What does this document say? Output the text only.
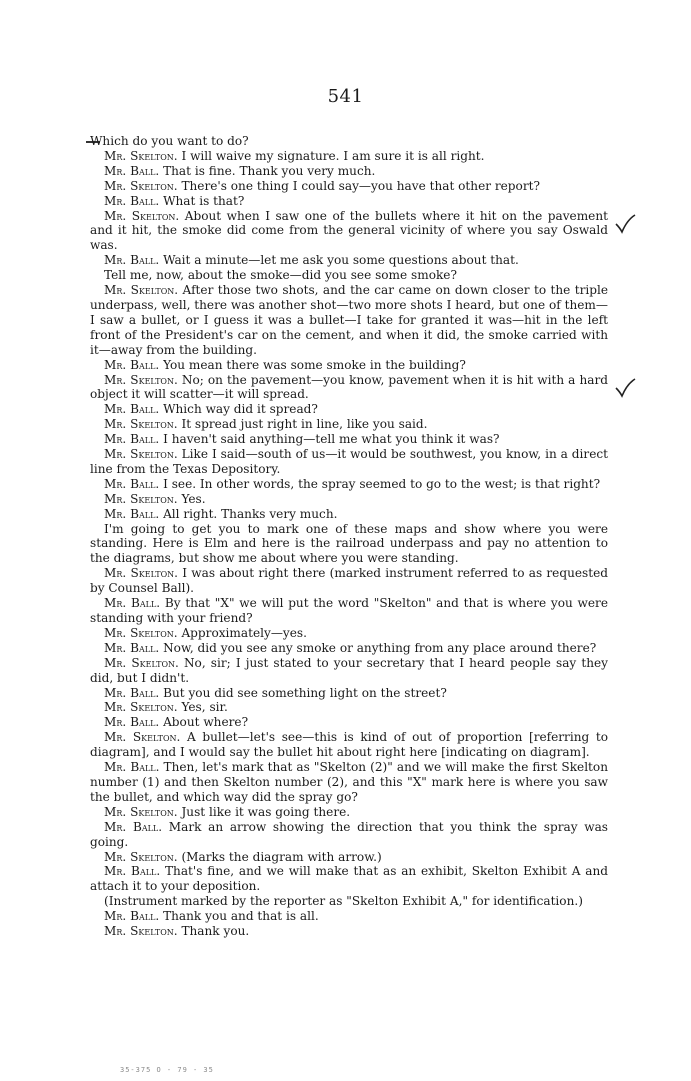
541

Which do you want to do?

Mr. Skelton. I will waive my signature. I am sure it is all right.

Mr. Ball. That is fine. Thank you very much.

Mr. Skelton. There's one thing I could say—you have that other report?

Mr. Ball. What is that?

Mr. Skelton. About when I saw one of the bullets where it hit on the pavement and it hit, the smoke did come from the general vicinity of where you say Oswald was.

Mr. Ball. Wait a minute—let me ask you some questions about that.

Tell me, now, about the smoke—did you see some smoke?

Mr. Skelton. After those two shots, and the car came on down closer to the triple underpass, well, there was another shot—two more shots I heard, but one of them—I saw a bullet, or I guess it was a bullet—I take for granted it was—hit in the left front of the President's car on the cement, and when it did, the smoke carried with it—away from the building.

Mr. Ball. You mean there was some smoke in the building?

Mr. Skelton. No; on the pavement—you know, pavement when it is hit with a hard object it will scatter—it will spread.

Mr. Ball. Which way did it spread?

Mr. Skelton. It spread just right in line, like you said.

Mr. Ball. I haven't said anything—tell me what you think it was?

Mr. Skelton. Like I said—south of us—it would be southwest, you know, in a direct line from the Texas Depository.

Mr. Ball. I see. In other words, the spray seemed to go to the west; is that right?

Mr. Skelton. Yes.

Mr. Ball. All right. Thanks very much.

I'm going to get you to mark one of these maps and show where you were standing. Here is Elm and here is the railroad underpass and pay no attention to the diagrams, but show me about where you were standing.

Mr. Skelton. I was about right there (marked instrument referred to as requested by Counsel Ball).

Mr. Ball. By that "X" we will put the word "Skelton" and that is where you were standing with your friend?

Mr. Skelton. Approximately—yes.

Mr. Ball. Now, did you see any smoke or anything from any place around there?

Mr. Skelton. No, sir; I just stated to your secretary that I heard people say they did, but I didn't.

Mr. Ball. But you did see something light on the street?

Mr. Skelton. Yes, sir.

Mr. Ball. About where?

Mr. Skelton. A bullet—let's see—this is kind of out of proportion [referring to diagram], and I would say the bullet hit about right here [indicating on diagram].

Mr. Ball. Then, let's mark that as "Skelton (2)" and we will make the first Skelton number (1) and then Skelton number (2), and this "X" mark here is where you saw the bullet, and which way did the spray go?

Mr. Skelton. Just like it was going there.

Mr. Ball. Mark an arrow showing the direction that you think the spray was going.

Mr. Skelton. (Marks the diagram with arrow.)

Mr. Ball. That's fine, and we will make that as an exhibit, Skelton Exhibit A and attach it to your deposition.

(Instrument marked by the reporter as "Skelton Exhibit A," for identification.)

Mr. Ball. Thank you and that is all.

Mr. Skelton. Thank you.

35-375 O - 79 - 35
